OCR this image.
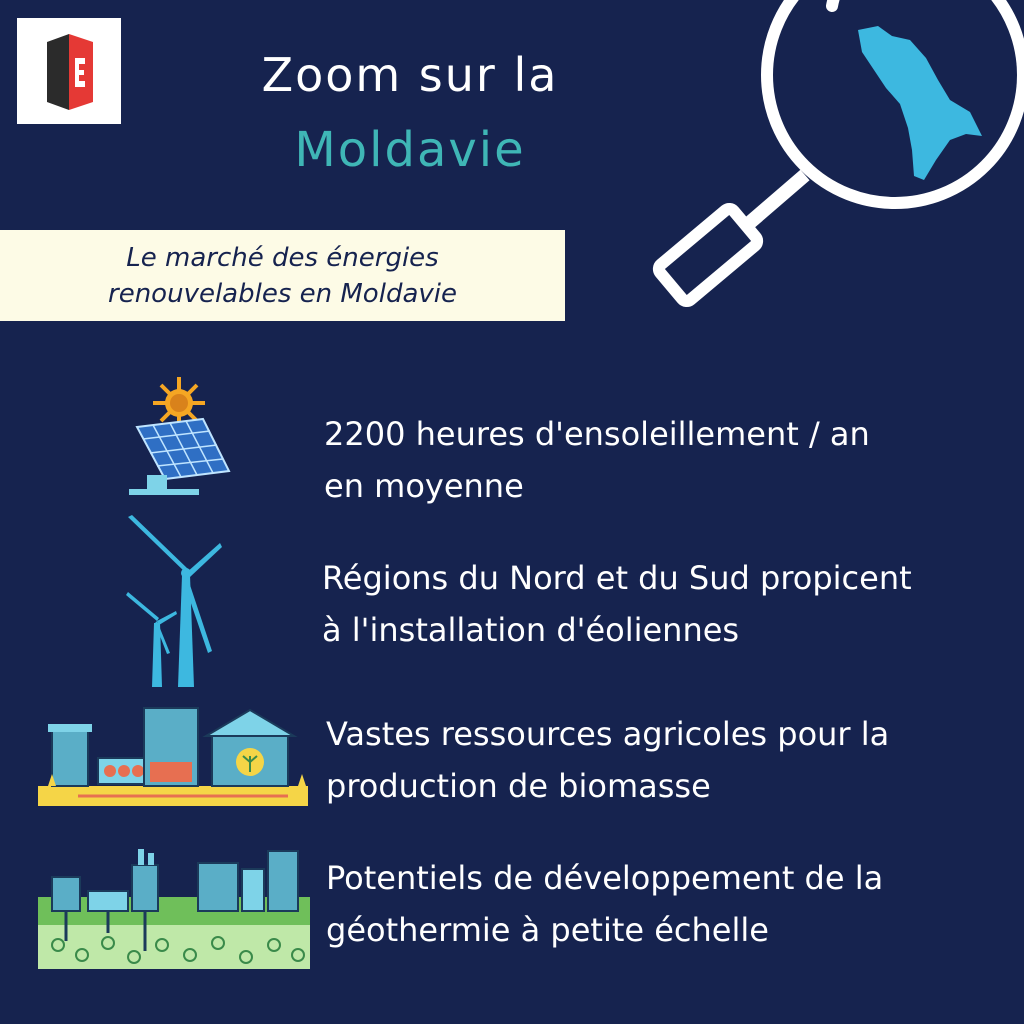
Zoom sur la
Moldavie
Le marché des énergies
renouvelables en Moldavie
2200 heures d'ensoleillement / an
en moyenne
Régions du Nord et du Sud propicent
à l'installation d'éoliennes
Vastes ressources agricoles pour la
production de biomasse
Potentiels de développement de la
géothermie à petite échelle
